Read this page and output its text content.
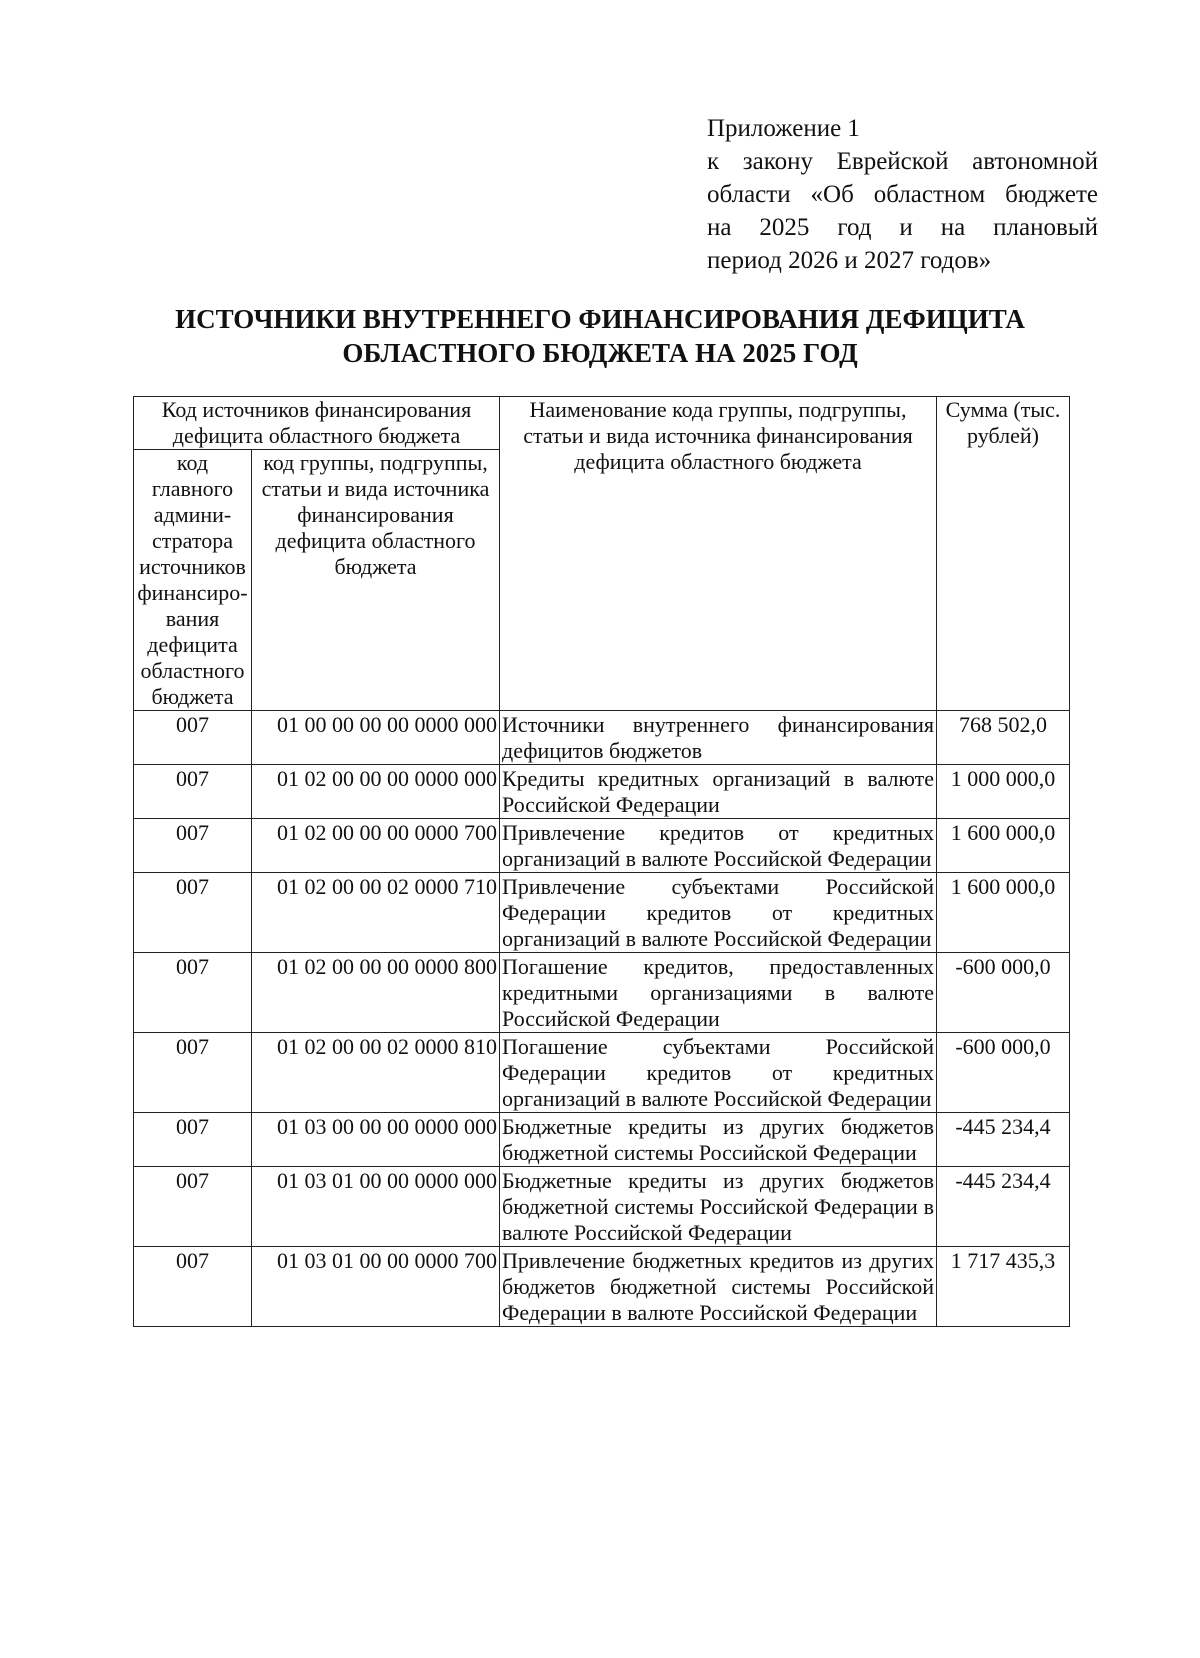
Приложение 1
к закону Еврейской автономной
области «Об областном бюджете
на 2025 год и на плановый
период 2026 и 2027 годов»
ИСТОЧНИКИ ВНУТРЕННЕГО ФИНАНСИРОВАНИЯ ДЕФИЦИТА
ОБЛАСТНОГО БЮДЖЕТА НА 2025 ГОД
Код источников финансирования дефицита областного бюджета		Наименование кода группы, подгруппы, статьи и вида источника финансирования дефицита областного бюджета	Сумма (тыс. рублей)
код главного админи-стратора источников финансиро-вания дефицита областного бюджета	код группы, подгруппы, статьи и вида источника финансирования дефицита областного бюджета		
007	01 00 00 00 00 0000 000	Источники внутреннего финансирования дефицитов бюджетов	768 502,0
007	01 02 00 00 00 0000 000	Кредиты кредитных организаций в валюте Российской Федерации	1 000 000,0
007	01 02 00 00 00 0000 700	Привлечение кредитов от кредитных организаций в валюте Российской Федерации	1 600 000,0
007	01 02 00 00 02 0000 710	Привлечение субъектами Российской Федерации кредитов от кредитных организаций в валюте Российской Федерации	1 600 000,0
007	01 02 00 00 00 0000 800	Погашение кредитов, предоставленных кредитными организациями в валюте Российской Федерации	-600 000,0
007	01 02 00 00 02 0000 810	Погашение субъектами Российской Федерации кредитов от кредитных организаций в валюте Российской Федерации	-600 000,0
007	01 03 00 00 00 0000 000	Бюджетные кредиты из других бюджетов бюджетной системы Российской Федерации	-445 234,4
007	01 03 01 00 00 0000 000	Бюджетные кредиты из других бюджетов бюджетной системы Российской Федерации в валюте Российской Федерации	-445 234,4
007	01 03 01 00 00 0000 700	Привлечение бюджетных кредитов из других бюджетов бюджетной системы Российской Федерации в валюте Российской Федерации	1 717 435,3
